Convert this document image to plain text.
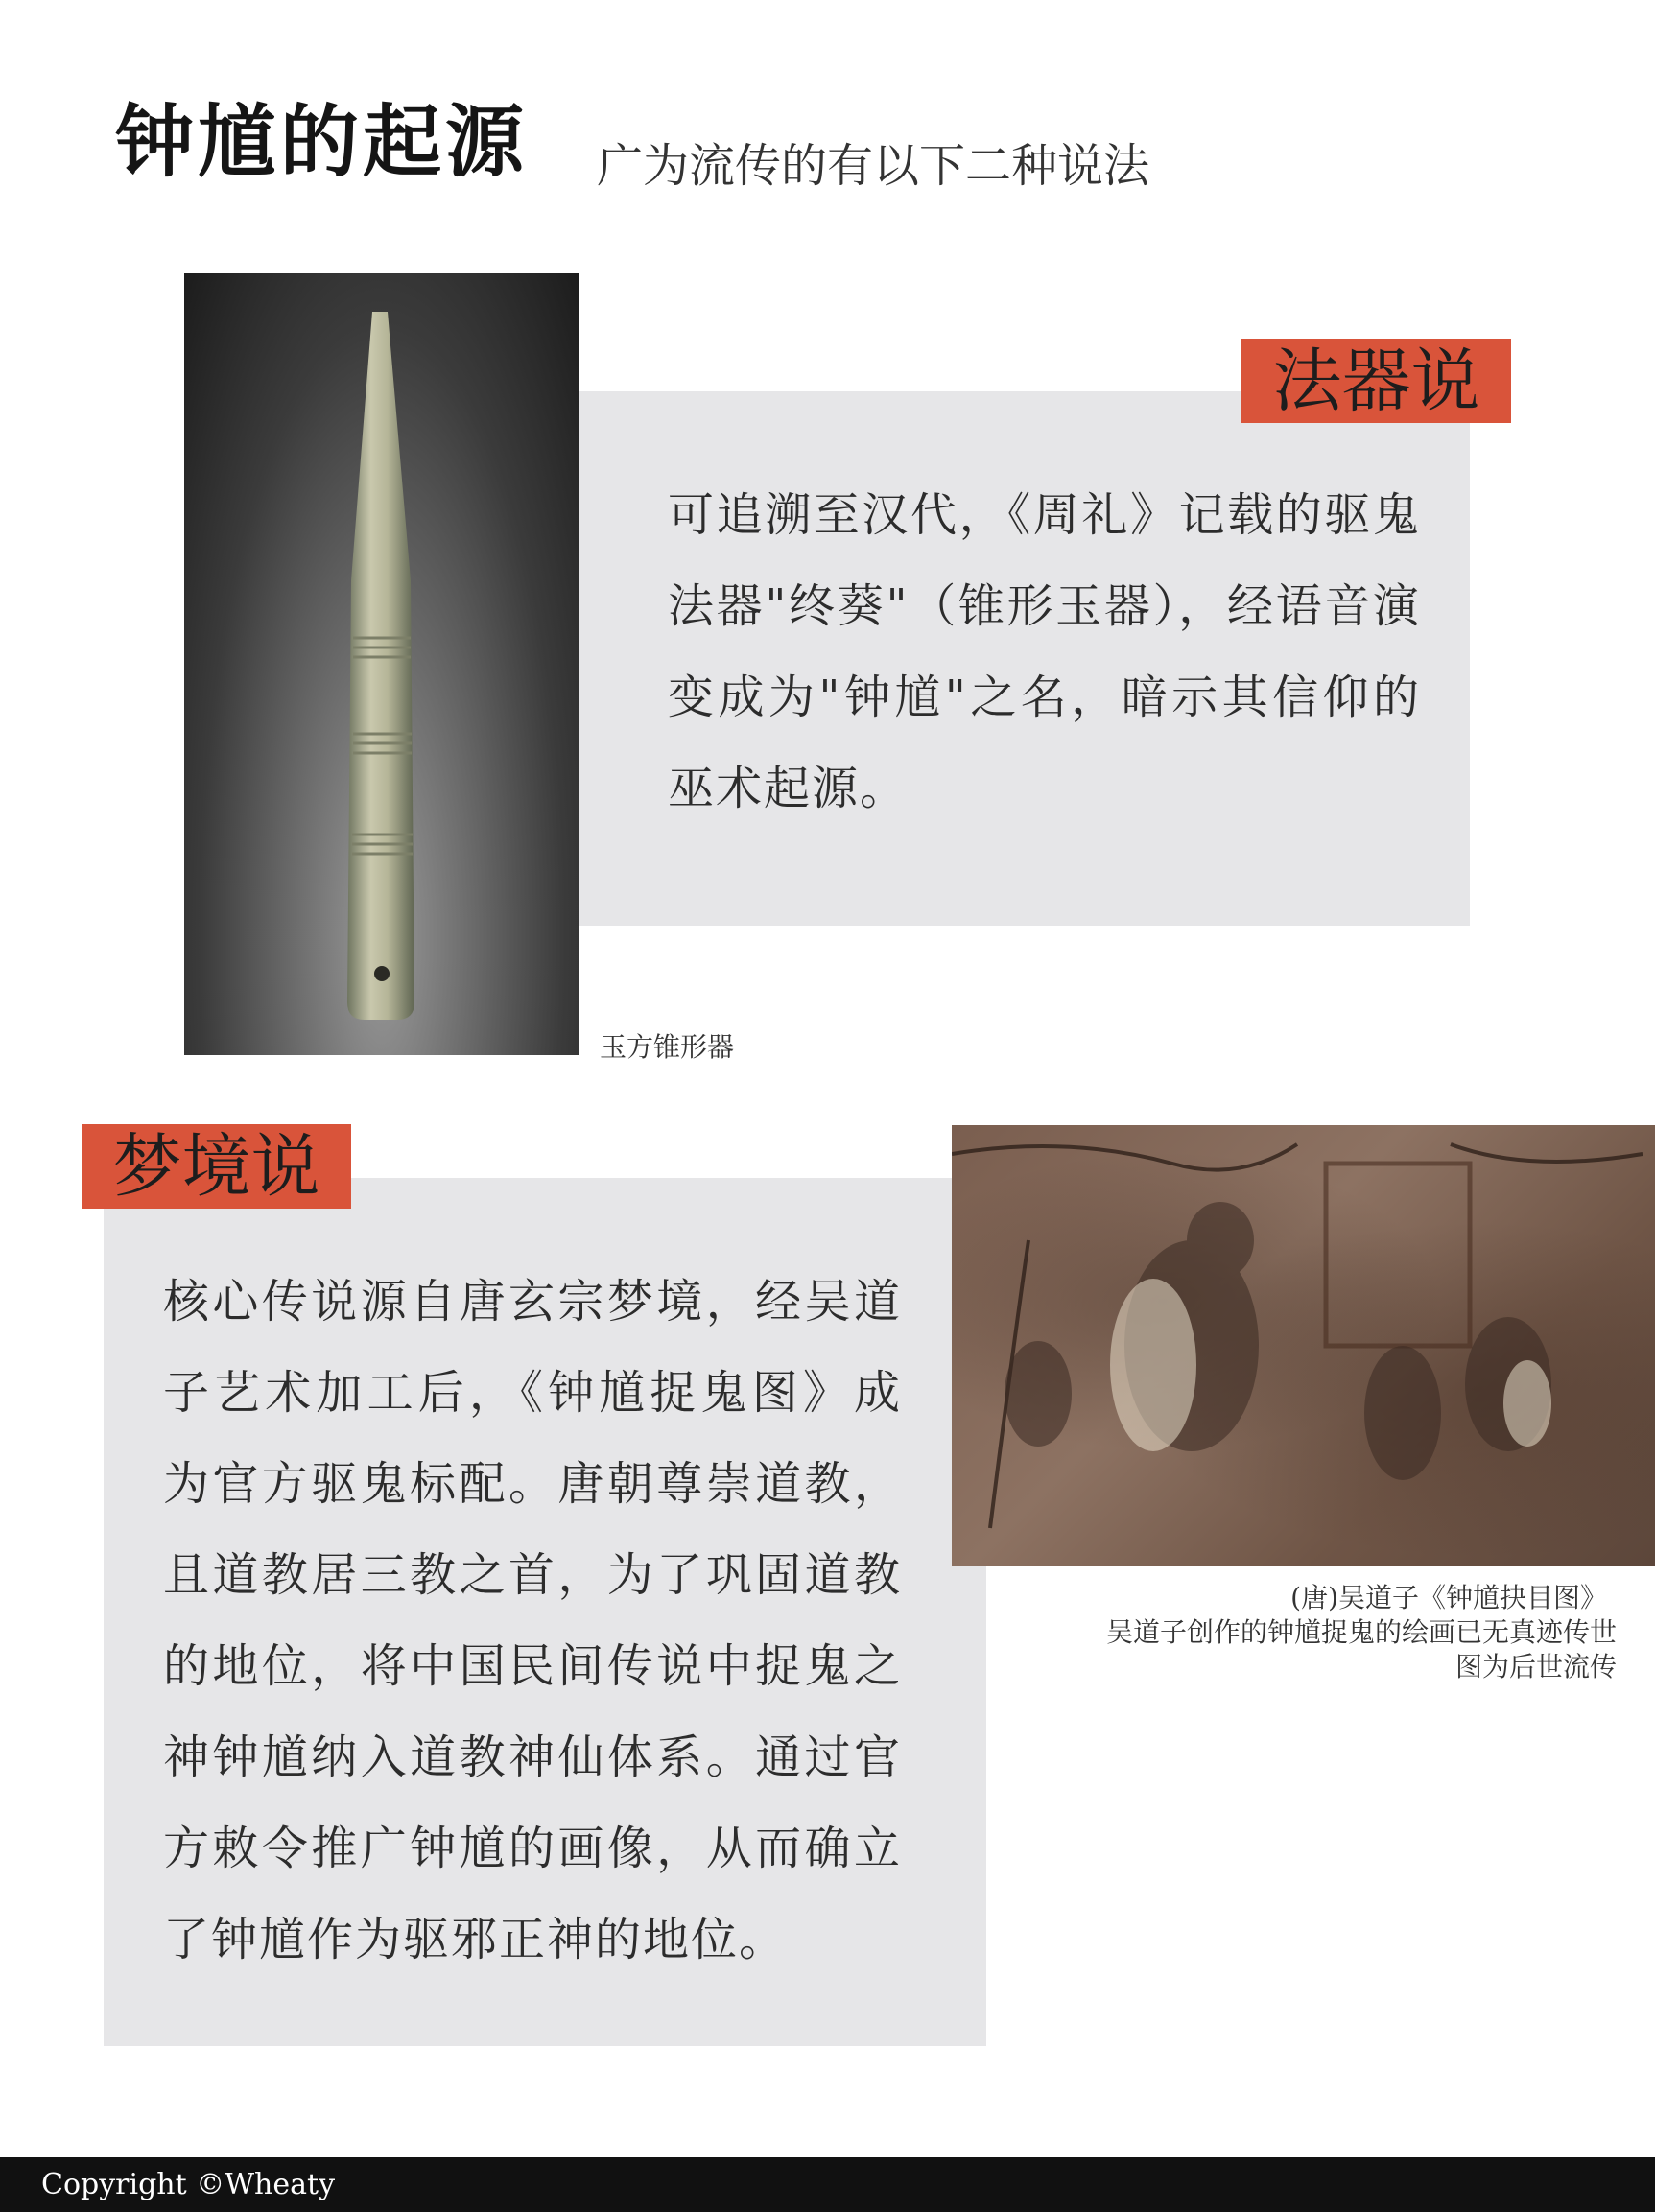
钟馗的起源 广为流传的有以下二种说法
法器说
可追溯至汉代，《周礼》记载的驱鬼法器"终葵"（锥形玉器），经语音演变成为"钟馗"之名，暗示其信仰的巫术起源。
玉方锥形器
梦境说
核心传说源自唐玄宗梦境，经吴道子艺术加工后，《钟馗捉鬼图》成为官方驱鬼标配。唐朝尊崇道教，且道教居三教之首，为了巩固道教的地位，将中国民间传说中捉鬼之神钟馗纳入道教神仙体系。通过官方敕令推广钟馗的画像，从而确立了钟馗作为驱邪正神的地位。
(唐)吴道子《钟馗抉目图》
吴道子创作的钟馗捉鬼的绘画已无真迹传世
图为后世流传
Copyright ©Wheaty
